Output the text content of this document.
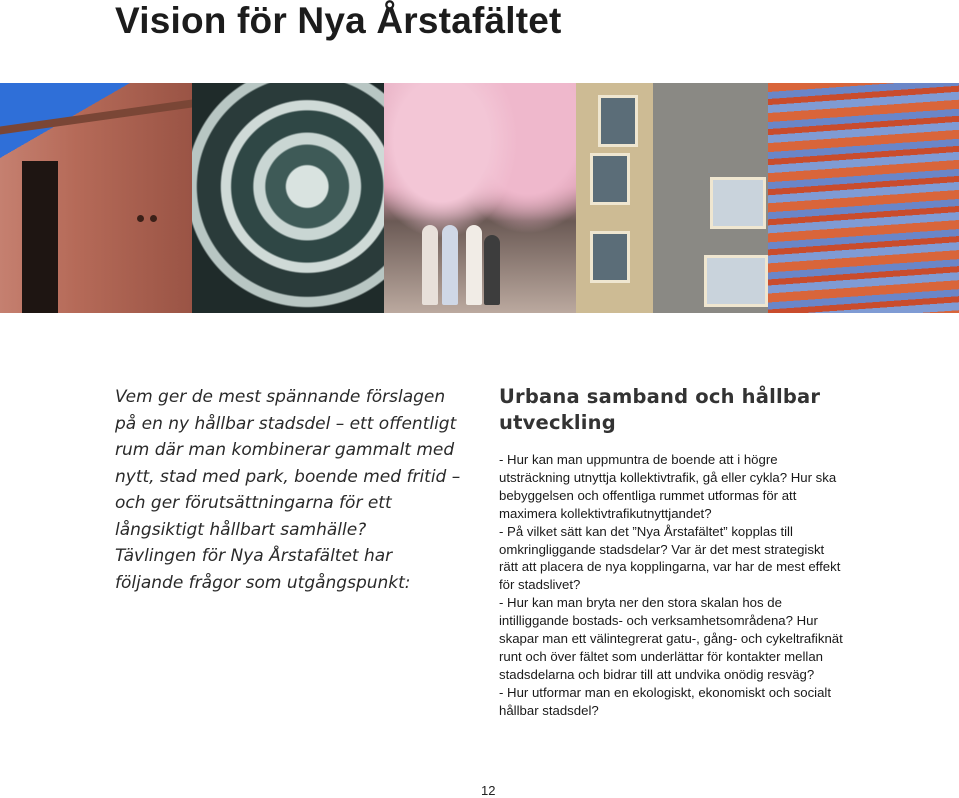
Vision för Nya Årstafältet

Vem ger de mest spännande förslagen på en ny hållbar stadsdel – ett offentligt rum där man kombinerar gammalt med nytt, stad med park, boende med fritid – och ger förutsättningarna för ett långsiktigt hållbart samhälle?
Tävlingen för Nya Årstafältet har följande frågor som utgångspunkt:

Urbana samband och hållbar utveckling

- Hur kan man uppmuntra de boende att i högre utsträckning utnyttja kollektivtrafik, gå eller cykla? Hur ska bebyggelsen och offentliga rummet utformas för att maximera kollektivtrafikutnyttjandet?

- På vilket sätt kan det ”Nya Årstafältet” kopplas till omkringliggande stadsdelar? Var är det mest strategiskt rätt att placera de nya kopplingarna, var har de mest effekt för stadslivet?

- Hur kan man bryta ner den stora skalan hos de intilliggande bostads- och verksamhetsområdena? Hur skapar man ett välintegrerat gatu-, gång- och cykeltrafiknät runt och över fältet som underlättar för kontakter mellan stadsdelarna och bidrar till att undvika onödig resväg?

- Hur utformar man en ekologiskt, ekonomiskt och socialt hållbar stadsdel?

12
